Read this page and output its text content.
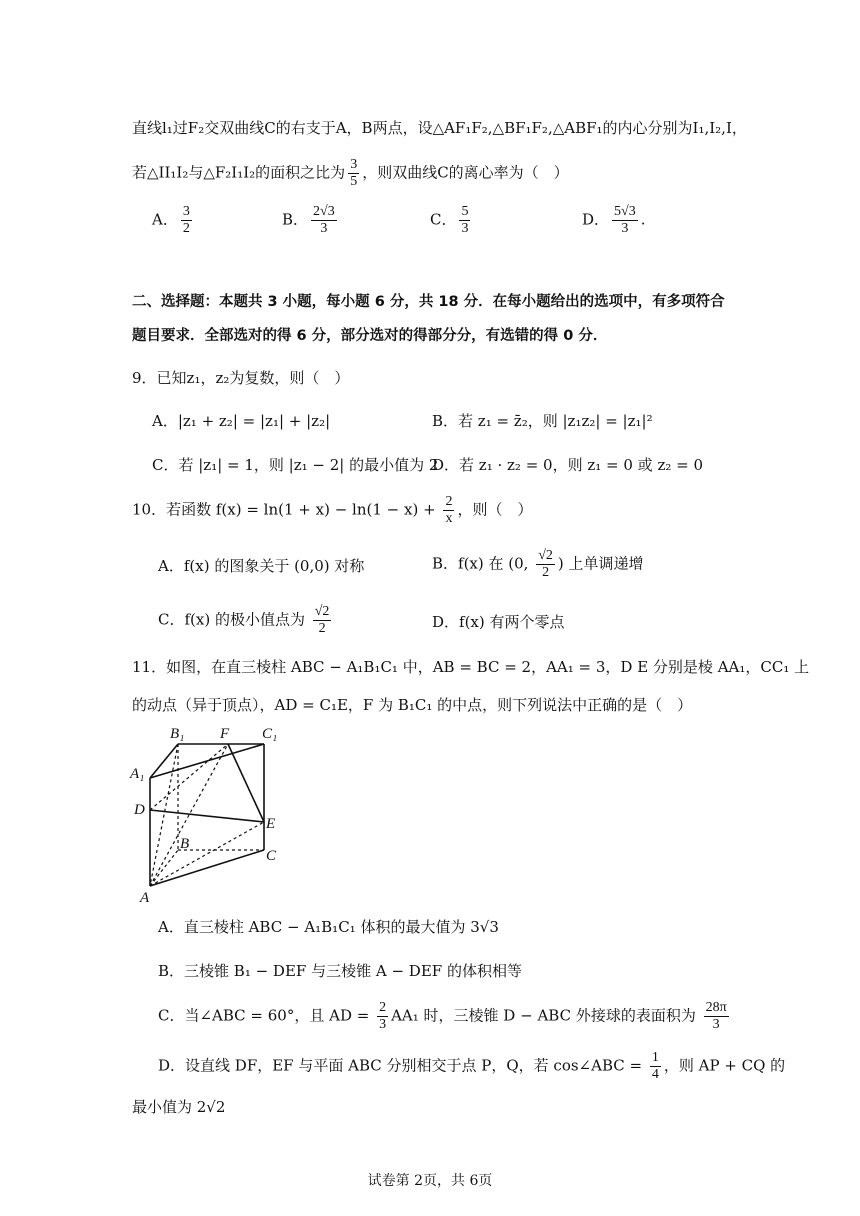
直线l₁过F₂交双曲线C的右支于A，B两点，设△AF₁F₂,△BF₁F₂,△ABF₁的内心分别为I₁,I₂,I，
若△II₁I₂与△F₂I₁I₂的面积之比为 $\frac{3}{5}$ ，则双曲线C的离心率为（　）
A． $\frac{3}{2}$	B． $\frac{2√3}{3}$	C． $\frac{5}{3}$	D． $\frac{5√3}{3}$ .
二、选择题：本题共 3 小题，每小题 6 分，共 18 分．在每小题给出的选项中，有多项符合
题目要求．全部选对的得 6 分，部分选对的得部分分，有选错的得 0 分．
9．已知z₁，z₂为复数，则（　）
A．|z₁ + z₂| = |z₁| + |z₂|	B．若 z₁ = z̄₂，则 |z₁z₂| = |z₁|²
C．若 |z₁| = 1，则 |z₁ − 2| 的最小值为 2
D．若 z₁ · z₂ = 0，则 z₁ = 0 或 z₂ = 0
10．若函数 $f(x) = \ln(1 + x) - \ln(1 - x) + \frac{2}{x}$ ，则（　）
A．f(x) 的图象关于 (0,0) 对称	B．f(x) 在 (0, $\frac{√2}{2}$ ) 上单调递增
C．f(x) 的极小值点为 $\frac{√2}{2}$	D．f(x) 有两个零点
11．如图，在直三棱柱 ABC − A₁B₁C₁ 中，AB = BC = 2，AA₁ = 3，D E 分别是棱 AA₁，CC₁ 上
的动点（异于顶点），AD = C₁E，F 为 B₁C₁ 的中点，则下列说法中正确的是（　）
B₁ F C₁
A₁
D
E
B
C
A
A．直三棱柱 ABC − A₁B₁C₁ 体积的最大值为 3√3
B．三棱锥 B₁ − DEF 与三棱锥 A − DEF 的体积相等
C．当∠ABC = 60°，且 AD = $\frac{2}{3} AA_1$ 时，三棱锥 D − ABC 外接球的表面积为 $\frac{28\pi}{3}$
D．设直线 DF，EF 与平面 ABC 分别相交于点 P，Q，若 cos∠ABC = $\frac{1}{4}$ ，则 AP + CQ 的
最小值为 2√2
试卷第 2页，共 6页
